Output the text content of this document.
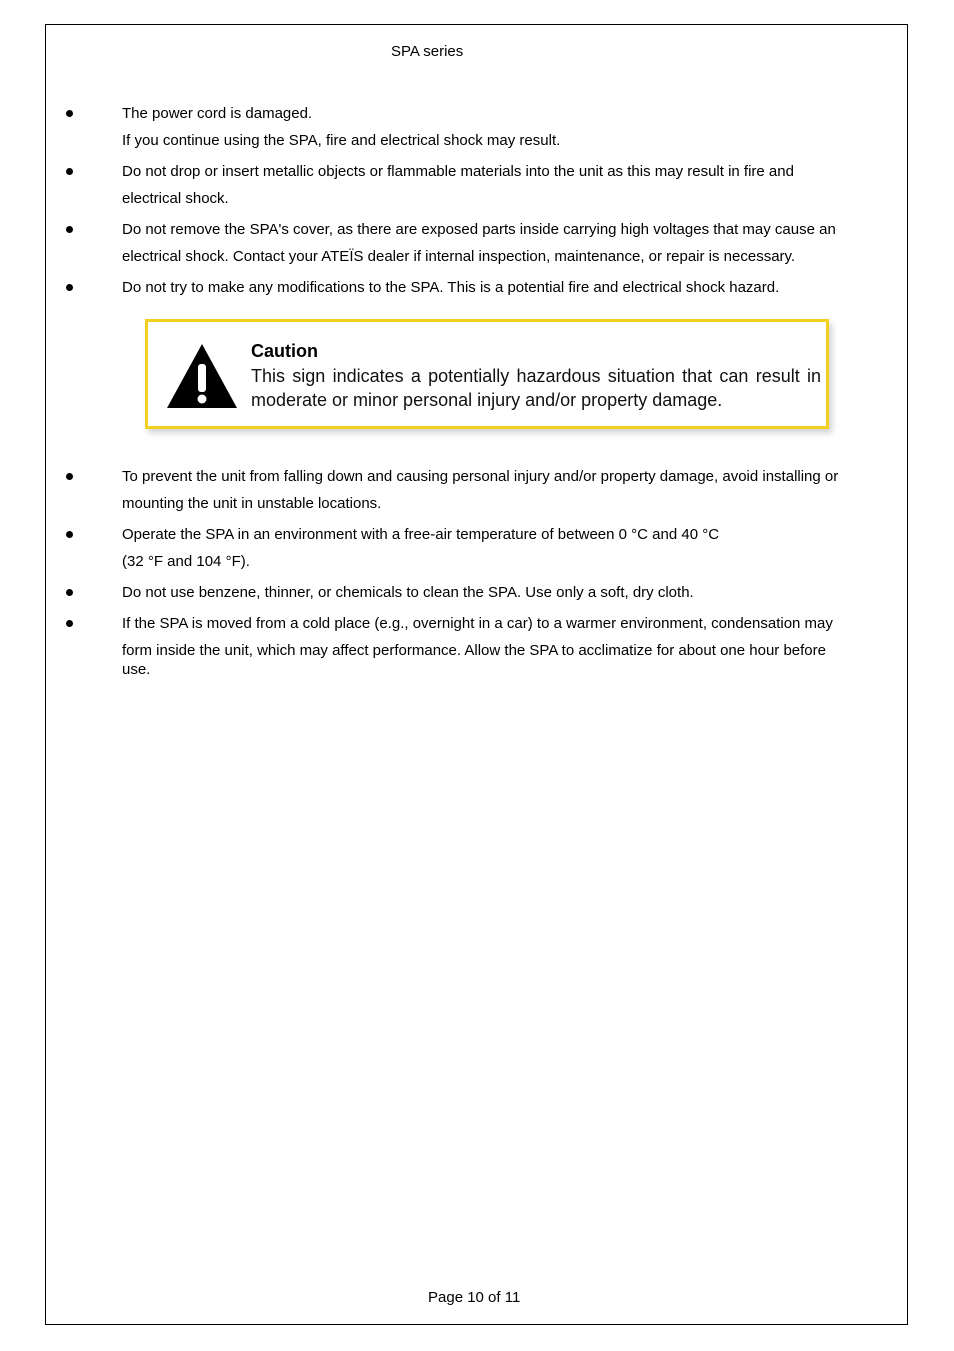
SPA series
The power cord is damaged.
If you continue using the SPA, fire and electrical shock may result.
Do not drop or insert metallic objects or flammable materials into the unit as this may result in fire and
electrical shock.
Do not remove the SPA's cover, as there are exposed parts inside carrying high voltages that may cause an
electrical shock. Contact your ATEÏS dealer if internal inspection, maintenance, or repair is necessary.
Do not try to make any modifications to the SPA. This is a potential fire and electrical shock hazard.
Caution
This sign indicates a potentially hazardous situation that can result in moderate or minor personal injury and/or property damage.
To prevent the unit from falling down and causing personal injury and/or property damage, avoid installing or
mounting the unit in unstable locations.
Operate the SPA in an environment with a free-air temperature of between 0 °C and 40 °C
(32 °F and 104 °F).
Do not use benzene, thinner, or chemicals to clean the SPA. Use only a soft, dry cloth.
If the SPA is moved from a cold place (e.g., overnight in a car) to a warmer environment, condensation may
form inside the unit, which may affect performance. Allow the SPA to acclimatize for about one hour before
use.
Page 10 of 11
